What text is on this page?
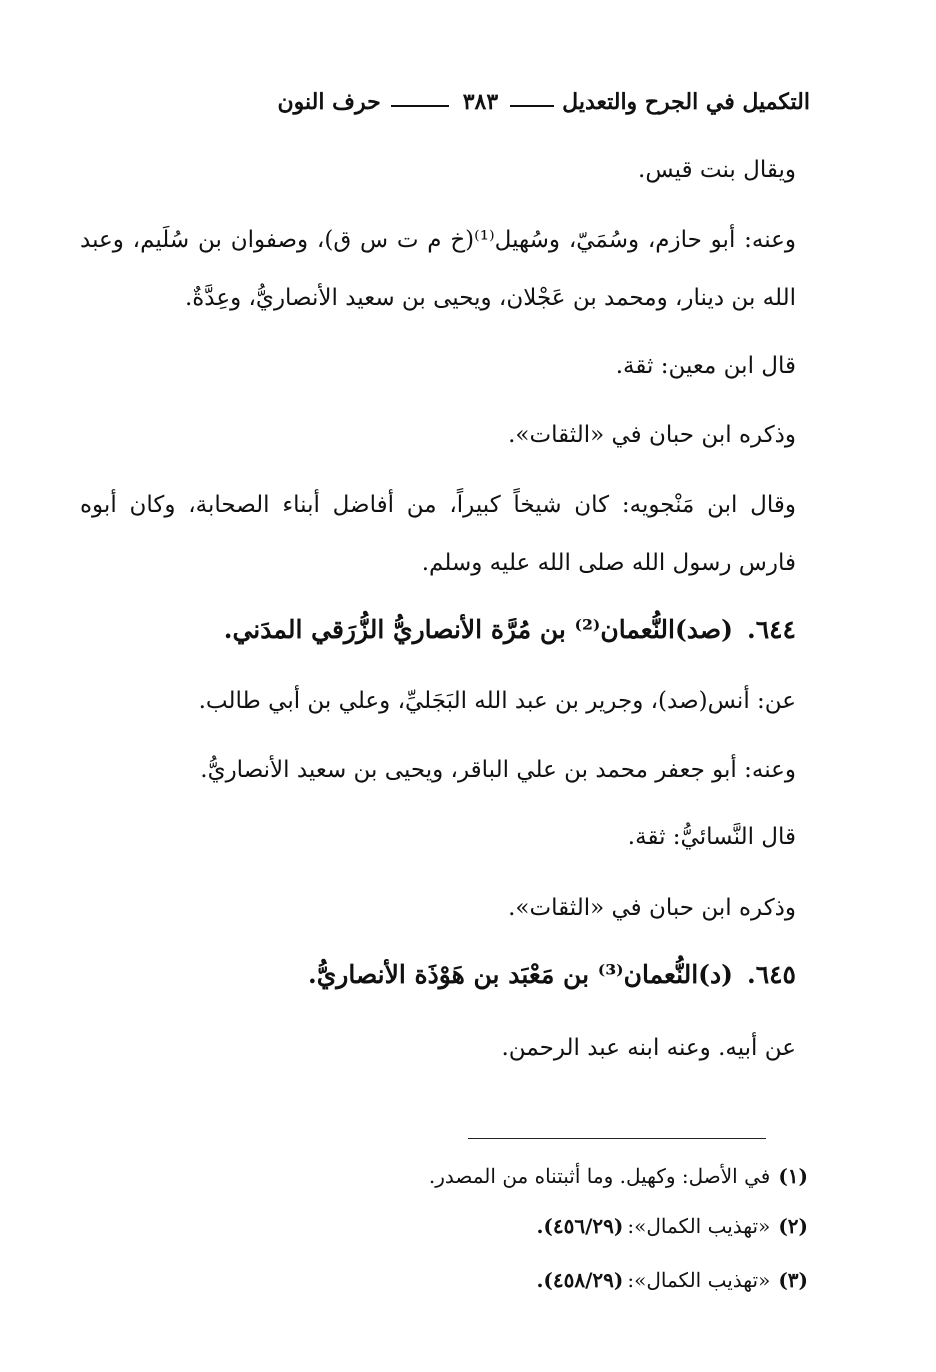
التكميل في الجرح والتعديل
٣٨٣
حرف النون
ويقال بنت قيس.
وعنه: أبو حازم، وسُمَيّ، وسُهيل⁽¹⁾(خ م ت س ق)، وصفوان بن سُلَيم، وعبد
الله بن دينار، ومحمد بن عَجْلان، ويحيى بن سعيد الأنصاريُّ، وعِدَّةٌ.
قال ابن معين: ثقة.
وذكره ابن حبان في «الثقات».
وقال ابن مَنْجويه: كان شيخاً كبيراً، من أفاضل أبناء الصحابة، وكان أبوه
فارس رسول الله صلى الله عليه وسلم.
٦٤٤.(صد)النُّعمان⁽²⁾ بن مُرَّة الأنصاريُّ الزُّرَقي المدَني.
عن: أنس(صد)، وجرير بن عبد الله البَجَليِّ، وعلي بن أبي طالب.
وعنه: أبو جعفر محمد بن علي الباقر، ويحيى بن سعيد الأنصاريُّ.
قال النَّسائيُّ: ثقة.
وذكره ابن حبان في «الثقات».
٦٤٥.(د)النُّعمان⁽³⁾ بن مَعْبَد بن هَوْذَة الأنصاريُّ.
عن أبيه. وعنه ابنه عبد الرحمن.
(١)في الأصل: وكهيل. وما أثبتناه من المصدر.
(٢)«تهذيب الكمال»:(٤٥٦/٢٩).
(٣)«تهذيب الكمال»:(٤٥٨/٢٩).
